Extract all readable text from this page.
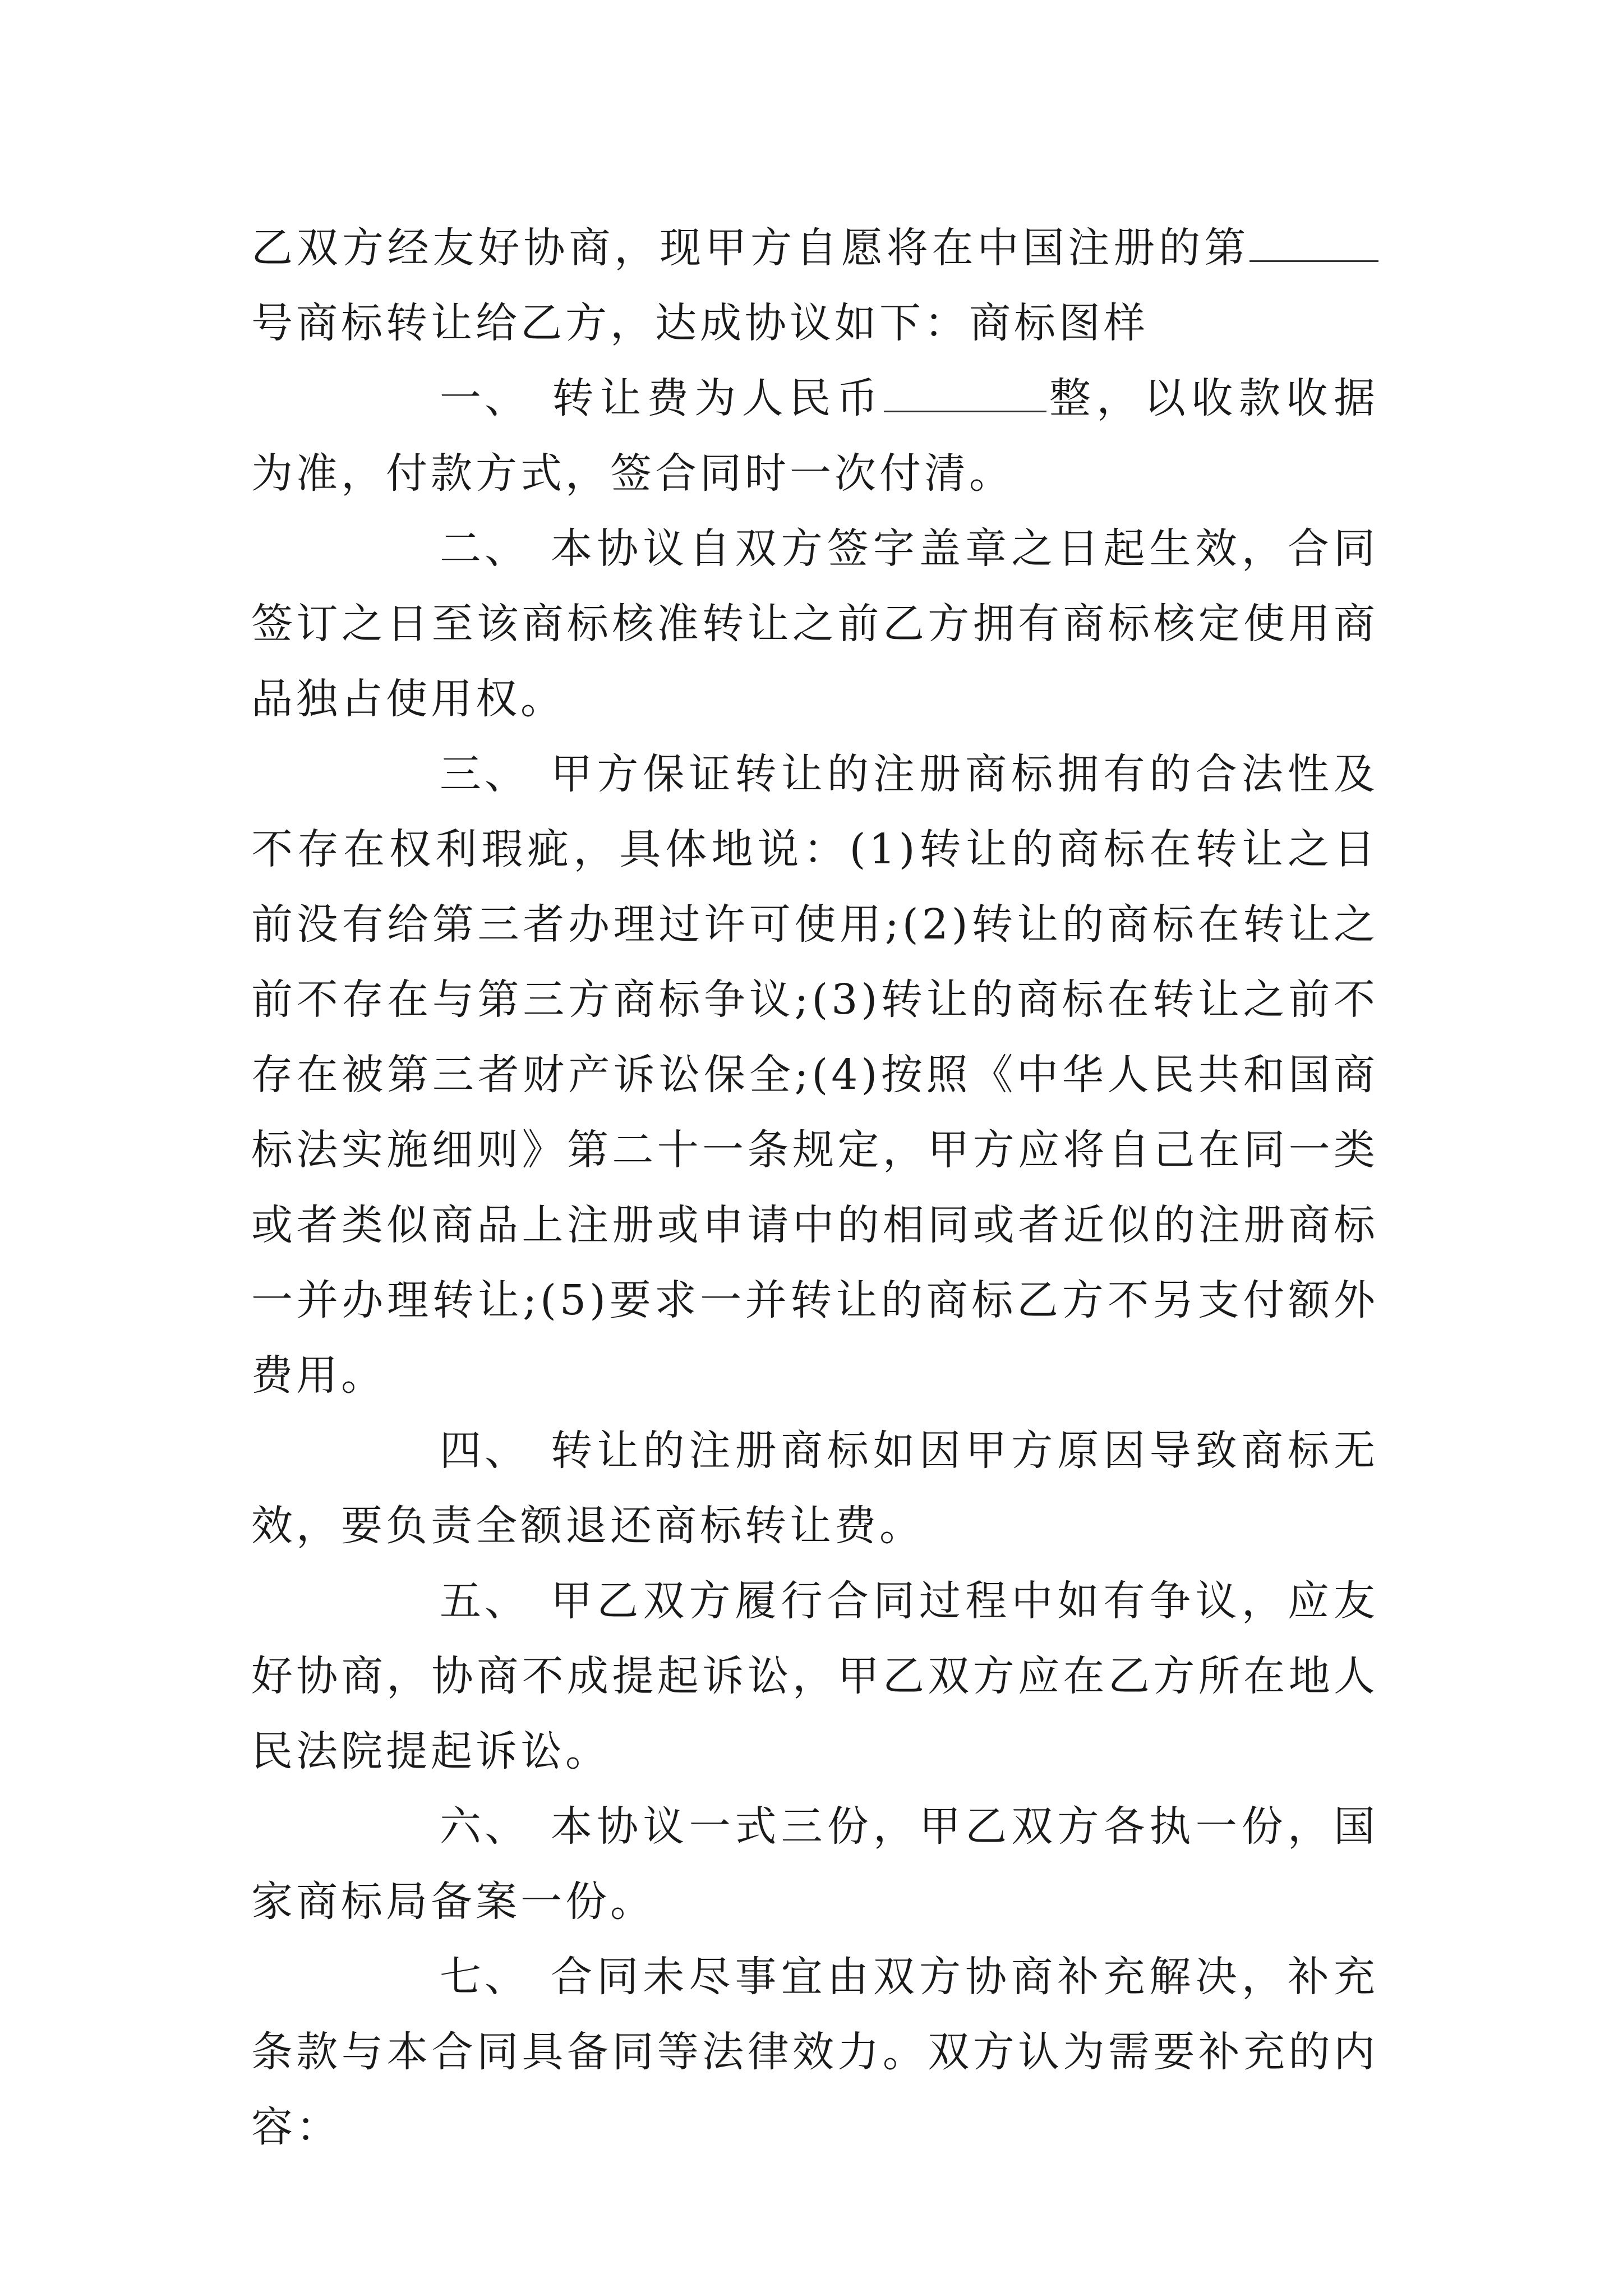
乙双方经友好协商，现甲方自愿将在中国注册的第号商标转让给乙方，达成协议如下：商标图样

一、 转让费为人民币	整，以收款收据为准，付款方式，签合同时一次付清。

二、 本协议自双方签字盖章之日起生效，合同签订之日至该商标核准转让之前乙方拥有商标核定使用商品独占使用权。

三、 甲方保证转让的注册商标拥有的合法性及不存在权利瑕疵，具体地说：(1)转让的商标在转让之日前没有给第三者办理过许可使用;(2)转让的商标在转让之前不存在与第三方商标争议;(3)转让的商标在转让之前不存在被第三者财产诉讼保全;(4)按照《中华人民共和国商标法实施细则》第二十一条规定，甲方应将自己在同一类或者类似商品上注册或申请中的相同或者近似的注册商标一并办理转让;(5)要求一并转让的商标乙方不另支付额外费用。

四、 转让的注册商标如因甲方原因导致商标无效，要负责全额退还商标转让费。

五、 甲乙双方履行合同过程中如有争议，应友好协商，协商不成提起诉讼，甲乙双方应在乙方所在地人民法院提起诉讼。

六、 本协议一式三份，甲乙双方各执一份，国家商标局备案一份。

七、 合同未尽事宜由双方协商补充解决，补充条款与本合同具备同等法律效力。双方认为需要补充的内容：
